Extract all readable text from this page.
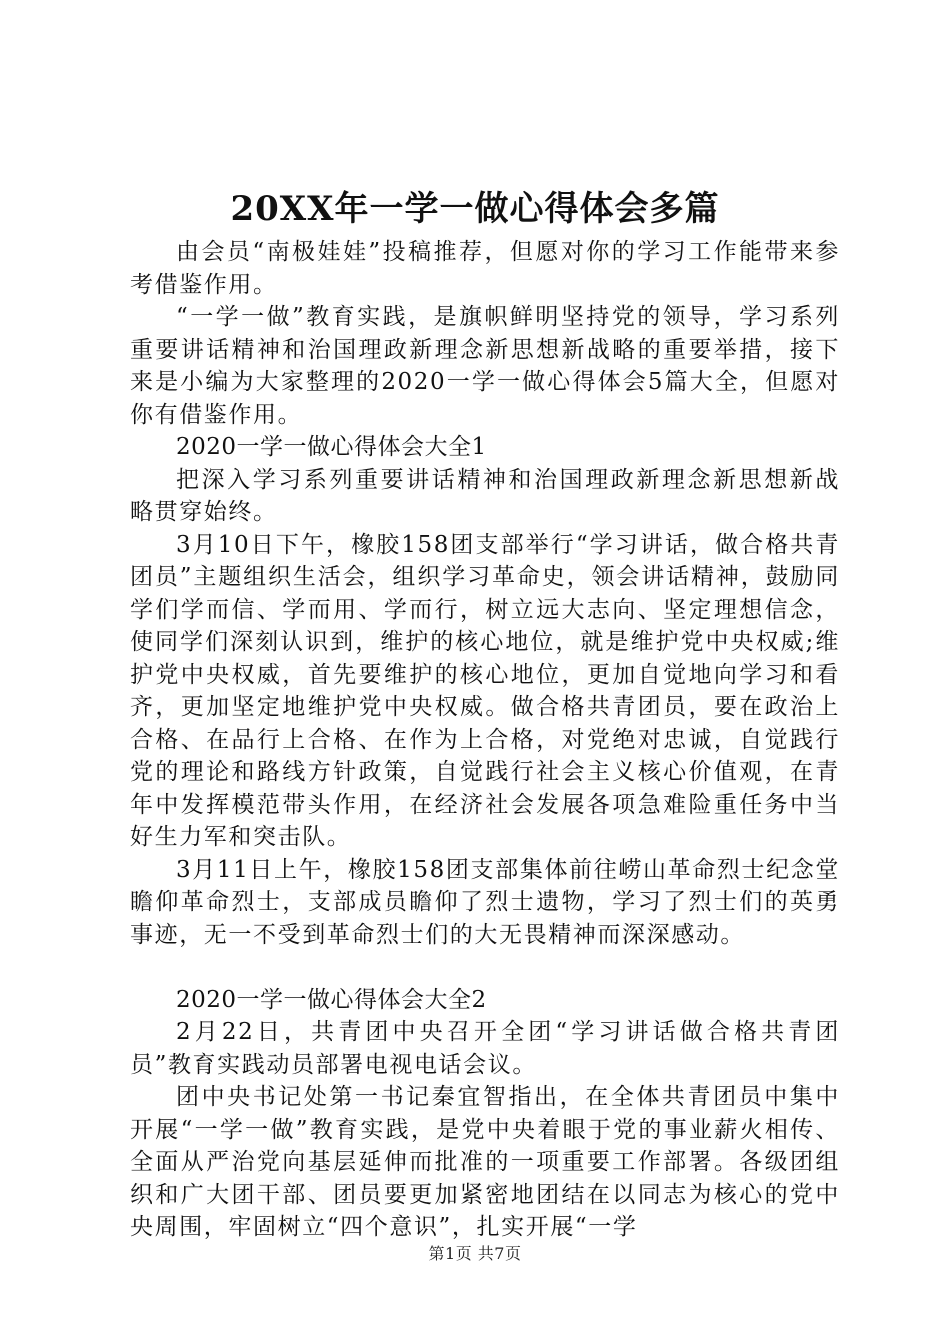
20XX年一学一做心得体会多篇

由会员“南极娃娃”投稿推荐，但愿对你的学习工作能带来参考借鉴作用。

“一学一做”教育实践，是旗帜鲜明坚持党的领导，学习系列重要讲话精神和治国理政新理念新思想新战略的重要举措，接下来是小编为大家整理的2020一学一做心得体会5篇大全，但愿对你有借鉴作用。

2020一学一做心得体会大全1

把深入学习系列重要讲话精神和治国理政新理念新思想新战略贯穿始终。

3月10日下午，橡胶158团支部举行“学习讲话，做合格共青团员”主题组织生活会，组织学习革命史，领会讲话精神，鼓励同学们学而信、学而用、学而行，树立远大志向、坚定理想信念，使同学们深刻认识到，维护的核心地位，就是维护党中央权威;维护党中央权威，首先要维护的核心地位，更加自觉地向学习和看齐，更加坚定地维护党中央权威。做合格共青团员，要在政治上合格、在品行上合格、在作为上合格，对党绝对忠诚，自觉践行党的理论和路线方针政策，自觉践行社会主义核心价值观，在青年中发挥模范带头作用，在经济社会发展各项急难险重任务中当好生力军和突击队。

3月11日上午，橡胶158团支部集体前往崂山革命烈士纪念堂瞻仰革命烈士，支部成员瞻仰了烈士遗物，学习了烈士们的英勇事迹，无一不受到革命烈士们的大无畏精神而深深感动。

2020一学一做心得体会大全2

2月22日，共青团中央召开全团“学习讲话做合格共青团员”教育实践动员部署电视电话会议。

团中央书记处第一书记秦宜智指出，在全体共青团员中集中开展“一学一做”教育实践，是党中央着眼于党的事业薪火相传、全面从严治党向基层延伸而批准的一项重要工作部署。各级团组织和广大团干部、团员要更加紧密地团结在以同志为核心的党中央周围，牢固树立“四个意识”，扎实开展“一学

第1页 共7页
